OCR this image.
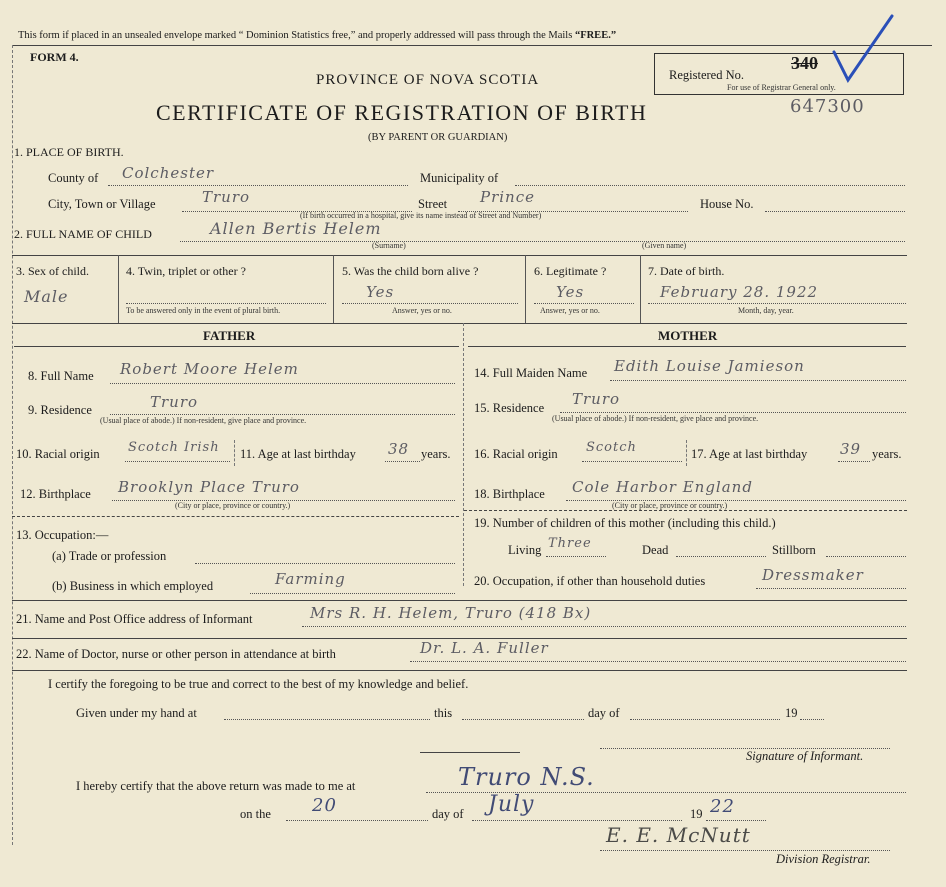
This form if placed in an unsealed envelope marked “ Dominion Statistics free,” and properly addressed will pass through the Mails “FREE.”
FORM 4.
PROVINCE OF NOVA SCOTIA
CERTIFICATE OF REGISTRATION OF BIRTH
(BY PARENT OR GUARDIAN)
Registered No.
340
For use of Registrar General only.
647300
1. PLACE OF BIRTH.
County of Colchester	Municipality of
City, Town or Village	Truro	Street Prince	House No.
(If birth occurred in a hospital, give its name instead of Street and Number)
2. FULL NAME OF CHILD	Allen Bertis Helem
(Surname)	(Given name)
3. Sex of child.
Male
4. Twin, triplet or other ?
To be answered only in the event of plural birth.
5. Was the child born alive ?
Yes
Answer, yes or no.
6. Legitimate ?
Yes
Answer, yes or no.
7. Date of birth.
February 28. 1922
Month, day, year.
FATHER	MOTHER
8. Full Name Robert Moore Helem
9. Residence	Truro
(Usual place of abode.) If non-resident, give place and province.
10. Racial origin Scotch Irish 11. Age at last birthday 38 years.
12. Birthplace Brooklyn Place Truro
(City or place, province or country.)
13. Occupation:—
(a) Trade or profession
(b) Business in which employed	Farming
14. Full Maiden Name Edith Louise Jamieson
15. Residence Truro
(Usual place of abode.) If non-resident, give place and province.
16. Racial origin Scotch	17. Age at last birthday 39 years.
18. Birthplace Cole Harbor England
(City or place, province or country.)
19. Number of children of this mother (including this child.)
Living Three	Dead	Stillborn
20. Occupation, if other than household duties	Dressmaker
21. Name and Post Office address of Informant	Mrs R. H. Helem, Truro (418 Bx)
22. Name of Doctor, nurse or other person in attendance at birth	Dr. L. A. Fuller
I certify the foregoing to be true and correct to the best of my knowledge and belief.
Given under my hand at	this	day of	19
Signature of Informant.
I hereby certify that the above return was made to me at	Truro N.S.
on the 20	day of July	19 22
E. E. McNutt
Division Registrar.
